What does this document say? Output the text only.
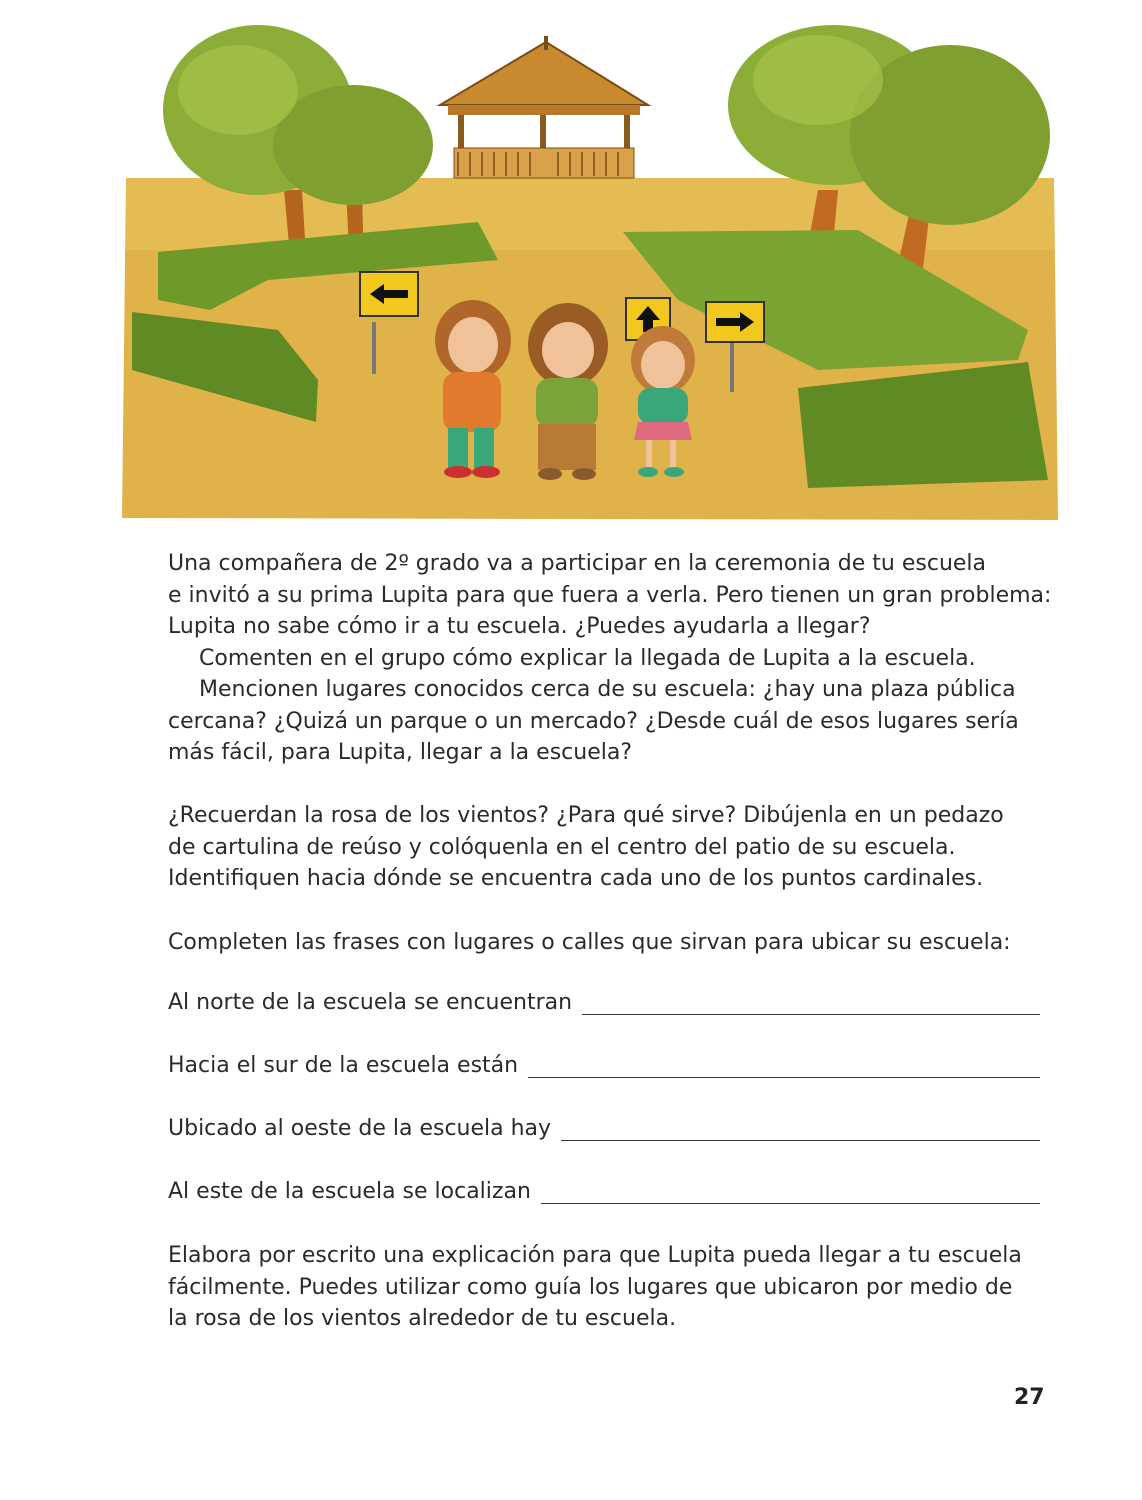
Una compañera de 2º grado va a participar en la ceremonia de tu escuela
e invitó a su prima Lupita para que fuera a verla. Pero tienen un gran problema:
Lupita no sabe cómo ir a tu escuela. ¿Puedes ayudarla a llegar?
Comenten en el grupo cómo explicar la llegada de Lupita a la escuela.
Mencionen lugares conocidos cerca de su escuela: ¿hay una plaza pública
cercana? ¿Quizá un parque o un mercado? ¿Desde cuál de esos lugares sería
más fácil, para Lupita, llegar a la escuela?
¿Recuerdan la rosa de los vientos? ¿Para qué sirve? Dibújenla en un pedazo
de cartulina de reúso y colóquenla en el centro del patio de su escuela.
Identifiquen hacia dónde se encuentra cada uno de los puntos cardinales.
Completen las frases con lugares o calles que sirvan para ubicar su escuela:
Al norte de la escuela se encuentran
Hacia el sur de la escuela están
Ubicado al oeste de la escuela hay
Al este de la escuela se localizan
Elabora por escrito una explicación para que Lupita pueda llegar a tu escuela
fácilmente. Puedes utilizar como guía los lugares que ubicaron por medio de
la rosa de los vientos alrededor de tu escuela.
27
